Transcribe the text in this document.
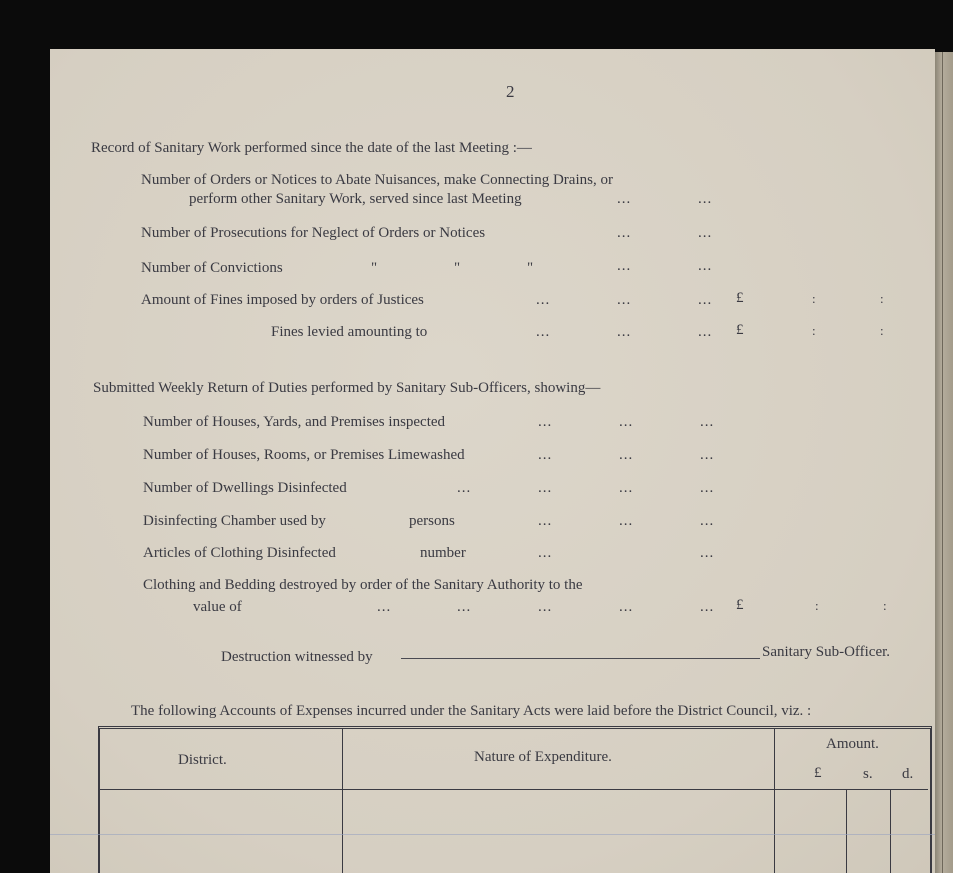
2
Record of Sanitary Work performed since the date of the last Meeting :—
Number of Orders or Notices to Abate Nuisances, make Connecting Drains, or
perform other Sanitary Work, served since last Meeting	...	...
Number of Prosecutions for Neglect of Orders or Notices	...	...
Number of Convictions	"	"	"	...	...
Amount of Fines imposed by orders of Justices	...	...	... £	:	:
Fines levied amounting to	...	...	... £	:	:
Submitted Weekly Return of Duties performed by Sanitary Sub-Officers, showing—
Number of Houses, Yards, and Premises inspected	...	...	...
Number of Houses, Rooms, or Premises Limewashed	...	...	...
Number of Dwellings Disinfected	...	...	...	...
Disinfecting Chamber used by	persons	...	...	...
Articles of Clothing Disinfected	number	...	...
Clothing and Bedding destroyed by order of the Sanitary Authority to the
value of	...	...	...	...	... £	:	:
Destruction witnessed by	Sanitary Sub-Officer.
The following Accounts of Expenses incurred under the Sanitary Acts were laid before the District Council, viz. :
District.	Nature of Expenditure.
Amount.
£	s. d.
